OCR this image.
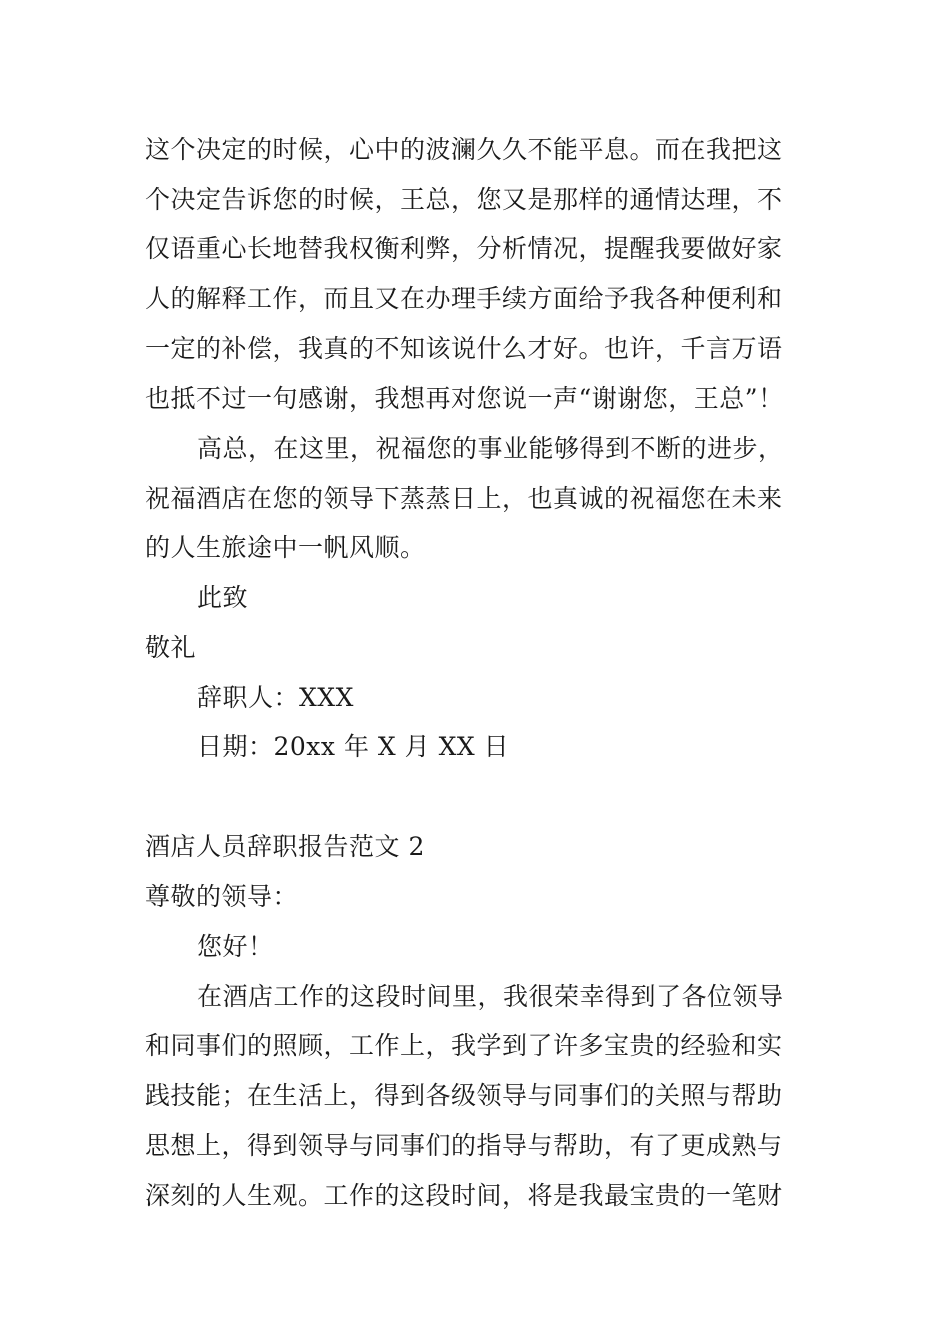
这个决定的时候，心中的波澜久久不能平息。而在我把这
个决定告诉您的时候，王总，您又是那样的通情达理，不
仅语重心长地替我权衡利弊，分析情况，提醒我要做好家
人的解释工作，而且又在办理手续方面给予我各种便利和
一定的补偿，我真的不知该说什么才好。也许，千言万语
也抵不过一句感谢，我想再对您说一声“谢谢您，王总”！
高总，在这里，祝福您的事业能够得到不断的进步，
祝福酒店在您的领导下蒸蒸日上，也真诚的祝福您在未来
的人生旅途中一帆风顺。
此致
敬礼
辞职人：XXX
日期：20xx 年 X 月 XX 日
酒店人员辞职报告范文 2
尊敬的领导：
您好！
在酒店工作的这段时间里，我很荣幸得到了各位领导
和同事们的照顾，工作上，我学到了许多宝贵的经验和实
践技能；在生活上，得到各级领导与同事们的关照与帮助
思想上，得到领导与同事们的指导与帮助，有了更成熟与
深刻的人生观。工作的这段时间，将是我最宝贵的一笔财
